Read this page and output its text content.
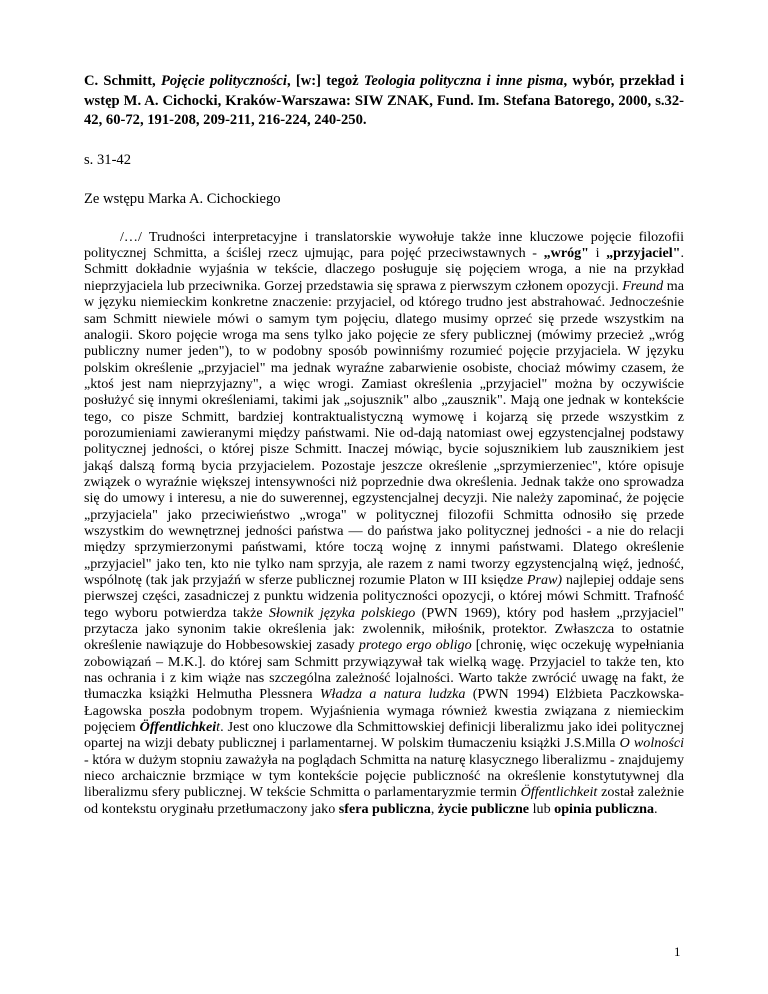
C. Schmitt, Pojęcie polityczności, [w:] tegoż Teologia polityczna i inne pisma, wybór, przekład i wstęp M. A. Cichocki, Kraków-Warszawa: SIW ZNAK, Fund. Im. Stefana Batorego, 2000, s.32-42, 60-72, 191-208, 209-211, 216-224, 240-250.

s. 31-42

Ze wstępu Marka A. Cichockiego

/…/ Trudności interpretacyjne i translatorskie wywołuje także inne kluczowe pojęcie filozofii politycznej Schmitta, a ściślej rzecz ujmując, para pojęć przeciwstawnych - „wróg" i „przyjaciel". Schmitt dokładnie wyjaśnia w tekście, dlaczego posługuje się pojęciem wroga, a nie na przykład nieprzyjaciela lub przeciwnika. Gorzej przedstawia się sprawa z pierwszym członem opozycji. Freund ma w języku niemieckim konkretne znaczenie: przyjaciel, od którego trudno jest abstrahować. Jednocześnie sam Schmitt niewiele mówi o samym tym pojęciu, dlatego musimy oprzeć się przede wszystkim na analogii. Skoro pojęcie wroga ma sens tylko jako pojęcie ze sfery publicznej (mówimy przecież „wróg publiczny numer jeden"), to w podobny sposób powinniśmy rozumieć pojęcie przyjaciela. W języku polskim określenie „przyjaciel" ma jednak wyraźne zabarwienie osobiste, chociaż mówimy czasem, że „ktoś jest nam nieprzyjazny", a więc wrogi. Zamiast określenia „przyjaciel" można by oczywiście posłużyć się innymi określeniami, takimi jak „sojusznik" albo „zausznik". Mają one jednak w kontekście tego, co pisze Schmitt, bardziej kontraktualistyczną wymowę i kojarzą się przede wszystkim z porozumieniami zawieranymi między państwami. Nie od-dają natomiast owej egzystencjalnej podstawy politycznej jedności, o której pisze Schmitt. Inaczej mówiąc, bycie sojusznikiem lub zausznikiem jest jakąś dalszą formą bycia przyjacielem. Pozostaje jeszcze określenie „sprzymierzeniec", które opisuje związek o wyraźnie większej intensywności niż poprzednie dwa określenia. Jednak także ono sprowadza się do umowy i interesu, a nie do suwerennej, egzystencjalnej decyzji. Nie należy zapominać, że pojęcie „przyjaciela" jako przeciwieństwo „wroga" w politycznej filozofii Schmitta odnosiło się przede wszystkim do wewnętrznej jedności państwa — do państwa jako politycznej jedności - a nie do relacji między sprzymierzonymi państwami, które toczą wojnę z innymi państwami. Dlatego określenie „przyjaciel" jako ten, kto nie tylko nam sprzyja, ale razem z nami tworzy egzystencjalną więź, jedność, wspólnotę (tak jak przyjaźń w sferze publicznej rozumie Platon w III księdze Praw) najlepiej oddaje sens pierwszej części, zasadniczej z punktu widzenia polityczności opozycji, o której mówi Schmitt. Trafność tego wyboru potwierdza także Słownik języka polskiego (PWN 1969), który pod hasłem „przyjaciel" przytacza jako synonim takie określenia jak: zwolennik, miłośnik, protektor. Zwłaszcza to ostatnie określenie nawiązuje do Hobbesowskiej zasady protego ergo obligo [chronię, więc oczekuję wypełniania zobowiązań – M.K.]. do której sam Schmitt przywiązywał tak wielką wagę. Przyjaciel to także ten, kto nas ochrania i z kim wiąże nas szczególna zależność lojalności. Warto także zwrócić uwagę na fakt, że tłumaczka książki Helmutha Plessnera Władza a natura ludzka (PWN 1994) Elżbieta Paczkowska-Łagowska poszła podobnym tropem. Wyjaśnienia wymaga również kwestia związana z niemieckim pojęciem Öffentlichkeit. Jest ono kluczowe dla Schmittowskiej definicji liberalizmu jako idei politycznej opartej na wizji debaty publicznej i parlamentarnej. W polskim tłumaczeniu książki J.S.Milla O wolności - która w dużym stopniu zaważyła na poglądach Schmitta na naturę klasycznego liberalizmu - znajdujemy nieco archaicznie brzmiące w tym kontekście pojęcie publiczność na określenie konstytutywnej dla liberalizmu sfery publicznej. W tekście Schmitta o parlamentaryzmie termin Öffentlichkeit został zależnie od kontekstu oryginału przetłumaczony jako sfera publiczna, życie publiczne lub opinia publiczna.

1
